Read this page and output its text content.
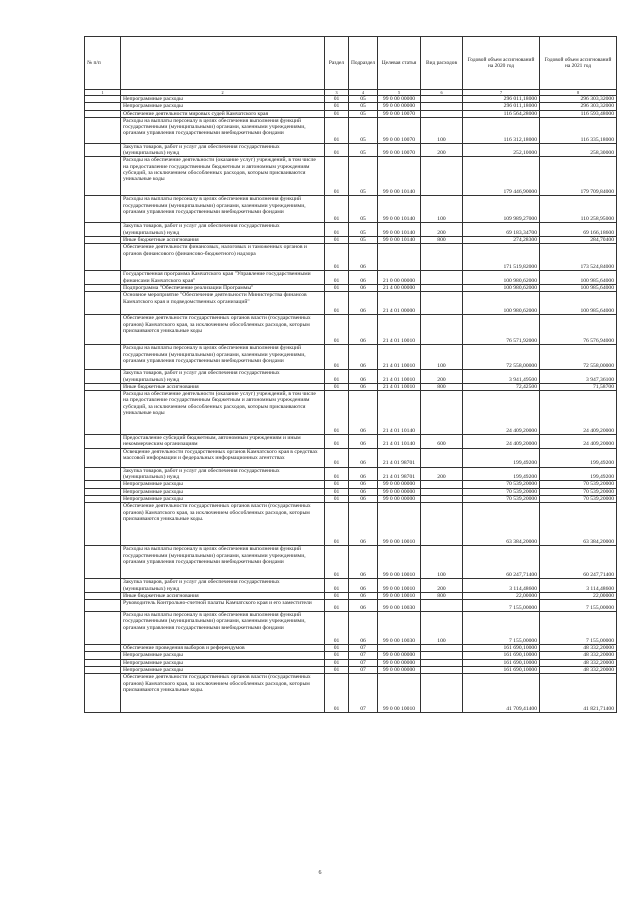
№ п/п		Раздел	Подраздел	Целевая статья	Вид расходов	Годовой объем ассигнований на 2020 год	Годовой объем ассигнований на 2021 год
1	2	3	4	5	6	7	8
	Непрограммные расходы	01	05	99 0 00 00000		296 011,18000	296 303,32000
	Непрограммные расходы	01	05	99 0 00 00000		296 011,18000	296 303,32000
	Обеспечение деятельности мировых судей Камчатского края	01	05	99 0 00 10070		116 564,28000	116 593,48000
	Расходы на выплаты персоналу в целях обеспечения выполнения функций государственными (муниципальными) органами, казенными учреждениями, органами управления государственными внебюджетными фондами	01	05	99 0 00 10070	100	116 312,18000	116 335,18000
	Закупка товаров, работ и услуг для обеспечения государственных (муниципальных) нужд	01	05	99 0 00 10070	200	252,10000	258,30000
	Расходы на обеспечение деятельности (оказание услуг) учреждений, в том числе на предоставление государственным бюджетным и автономным учреждениям субсидий, за исключением обособленных расходов, которым присваиваются уникальные коды	01	05	99 0 00 10140		179 446,90000	179 709,84000
	Расходы на выплаты персоналу в целях обеспечения выполнения функций государственными (муниципальными) органами, казенными учреждениями, органами управления государственными внебюджетными фондами	01	05	99 0 00 10140	100	109 989,27000	110 258,95000
	Закупка товаров, работ и услуг для обеспечения государственных (муниципальных) нужд	01	05	99 0 00 10140	200	69 183,34700	69 166,18600
	Иные бюджетные ассигнования	01	05	99 0 00 10140	800	274,28300	284,70400
	Обеспечение деятельности финансовых, налоговых и таможенных органов и органов финансового (финансово-бюджетного) надзора	01	06			171 519,82000	173 524,84000
	Государственная программа Камчатского края "Управление государственными финансами Камчатского края"	01	06	21 0 00 00000		100 980,62000	100 985,64000
	Подпрограмма "Обеспечение реализации Программы"	01	06	21 4 00 00000		100 980,62000	100 985,64000
	Основное мероприятие "Обеспечение деятельности Министерства финансов Камчатского края и подведомственных организаций"	01	06	21 4 01 00000		100 980,62000	100 985,64000
	Обеспечение деятельности государственных органов власти (государственных органов) Камчатского края, за исключением обособленных расходов, которым присваиваются уникальные коды	01	06	21 4 01 10010		76 571,92000	76 576,94000
	Расходы на выплаты персоналу в целях обеспечения выполнения функций государственными (муниципальными) органами, казенными учреждениями, органами управления государственными внебюджетными фондами	01	06	21 4 01 10010	100	72 558,00000	72 558,00000
	Закупка товаров, работ и услуг для обеспечения государственных (муниципальных) нужд	01	06	21 4 01 10010	200	3 941,49500	3 947,36100
	Иные бюджетные ассигнования	01	06	21 4 01 10010	800	72,42500	71,58700
	Расходы на обеспечение деятельности (оказание услуг) учреждений, в том числе на предоставление государственным бюджетным и автономным учреждениям субсидий, за исключением обособленных расходов, которым присваиваются уникальные коды	01	06	21 4 01 10140		24 409,20000	24 409,20000
	Предоставление субсидий бюджетным, автономным учреждениям и иным некоммерческим организациям	01	06	21 4 01 10140	600	24 409,20000	24 409,20000
	Освещение деятельности государственных органов Камчатского края в средствах массовой информации и федеральных информационных агентствах	01	06	21 4 01 98701		199,49200	199,49200
	Закупка товаров, работ и услуг для обеспечения государственных (муниципальных) нужд	01	06	21 4 01 98701	200	199,49200	199,49200
	Непрограммные расходы	01	06	99 0 00 00000		70 539,20000	70 539,20000
	Непрограммные расходы	01	06	99 0 00 00000		70 539,20000	70 539,20000
	Непрограммные расходы	01	06	99 0 00 00000		70 539,20000	70 539,20000
	Обеспечение деятельности государственных органов власти (государственных органов) Камчатского края, за исключением обособленных расходов, которым присваиваются уникальные коды.	01	06	99 0 00 10010		63 384,20000	63 384,20000
	Расходы на выплаты персоналу в целях обеспечения выполнения функций государственными (муниципальными) органами, казенными учреждениями, органами управления государственными внебюджетными фондами	01	06	99 0 00 10010	100	60 247,71400	60 247,71400
	Закупка товаров, работ и услуг для обеспечения государственных (муниципальных) нужд	01	06	99 0 00 10010	200	3 114,48600	3 114,48600
	Иные бюджетные ассигнования	01	06	99 0 00 10010	800	22,00000	22,00000
	Руководитель Контрольно-счетной палаты Камчатского края и его заместители	01	06	99 0 00 10030		7 155,00000	7 155,00000
	Расходы на выплаты персоналу в целях обеспечения выполнения функций государственными (муниципальными) органами, казенными учреждениями, органами управления государственными внебюджетными фондами	01	06	99 0 00 10030	100	7 155,00000	7 155,00000
	Обеспечение проведения выборов и референдумов	01	07			161 690,10000	48 332,20000
	Непрограммные расходы	01	07	99 0 00 00000		161 690,10000	48 332,20000
	Непрограммные расходы	01	07	99 0 00 00000		161 690,10000	48 332,20000
	Непрограммные расходы	01	07	99 0 00 00000		161 690,10000	48 332,20000
	Обеспечение деятельности государственных органов власти (государственных органов) Камчатского края, за исключением обособленных расходов, которым присваиваются уникальные коды.	01	07	99 0 00 10010		41 709,41400	41 821,71400
6
